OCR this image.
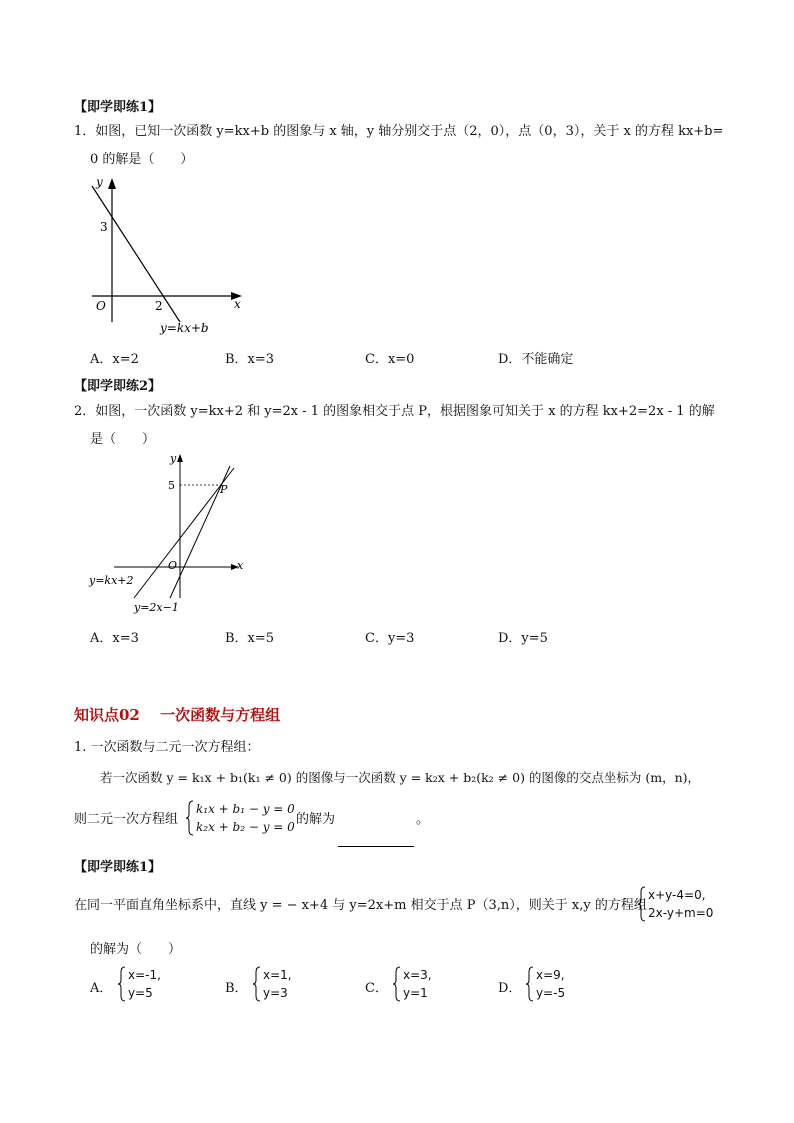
【即学即练1】
1．如图，已知一次函数 y=kx+b 的图象与 x 轴，y 轴分别交于点（2，0），点（0，3），关于 x 的方程 kx+b=
0 的解是（　　）
y
x
O
3
2
y=kx+b
A．x=2	B．x=3	C．x=0	D．不能确定
【即学即练2】
2．如图，一次函数 y=kx+2 和 y=2x - 1 的图象相交于点 P，根据图象可知关于 x 的方程 kx+2=2x - 1 的解
是（　　）
y
x
O
5	P
y=kx+2
y=2x−1
A．x=3	B．x=5	C．y=3	D．y=5
知识点02　 一次函数与方程组
1. 一次函数与二元一次方程组：
若一次函数 y = k₁x + b₁(k₁ ≠ 0) 的图像与一次函数 y = k₂x + b₂(k₂ ≠ 0) 的图像的交点坐标为 (m，n)，
则二元一次方程组
k₁x + b₁ − y = 0
k₂x + b₂ − y = 0 的解为	。
【即学即练1】
在同一平面直角坐标系中，直线 y = − x+4 与 y=2x+m 相交于点 P（3,n），则关于 x,y 的方程组
x+y-4=0,
2x-y+m=0
的解为（　　）
A．
x=-1,
y=5	B．
x=1,
y=3	C．
x=3,
y=1	D．
x=9,
y=-5
